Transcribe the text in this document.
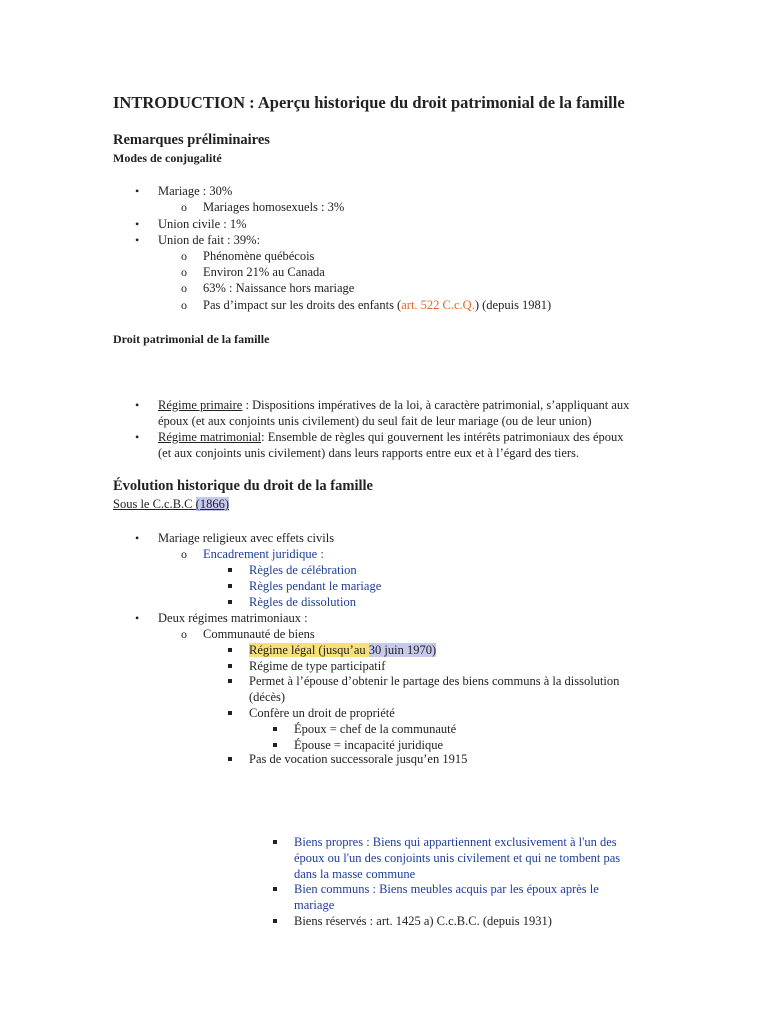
INTRODUCTION : Aperçu historique du droit patrimonial de la famille
Remarques préliminaires
Modes de conjugalité
• Mariage : 30%
o Mariages homosexuels : 3%
• Union civile : 1%
• Union de fait : 39%:
o Phénomène québécois
o Environ 21% au Canada
o 63% : Naissance hors mariage
o Pas d’impact sur les droits des enfants (art. 522 C.c.Q.) (depuis 1981)
Droit patrimonial de la famille
• Régime primaire : Dispositions impératives de la loi, à caractère patrimonial, s’appliquant aux
époux (et aux conjoints unis civilement) du seul fait de leur mariage (ou de leur union)
• Régime matrimonial: Ensemble de règles qui gouvernent les intérêts patrimoniaux des époux
(et aux conjoints unis civilement) dans leurs rapports entre eux et à l’égard des tiers.
Évolution historique du droit de la famille
Sous le C.c.B.C (1866)
• Mariage religieux avec effets civils
o Encadrement juridique :
Règles de célébration
Règles pendant le mariage
Règles de dissolution
• Deux régimes matrimoniaux :
o Communauté de biens
Régime légal (jusqu’au 30 juin 1970)
Régime de type participatif
Permet à l’épouse d’obtenir le partage des biens communs à la dissolution
(décès)
Confère un droit de propriété
Époux = chef de la communauté
Épouse = incapacité juridique
Pas de vocation successorale jusqu’en 1915
Biens propres : Biens qui appartiennent exclusivement à l'un des
époux ou l'un des conjoints unis civilement et qui ne tombent pas
dans la masse commune
Bien communs : Biens meubles acquis par les époux après le
mariage
Biens réservés : art. 1425 a) C.c.B.C. (depuis 1931)
